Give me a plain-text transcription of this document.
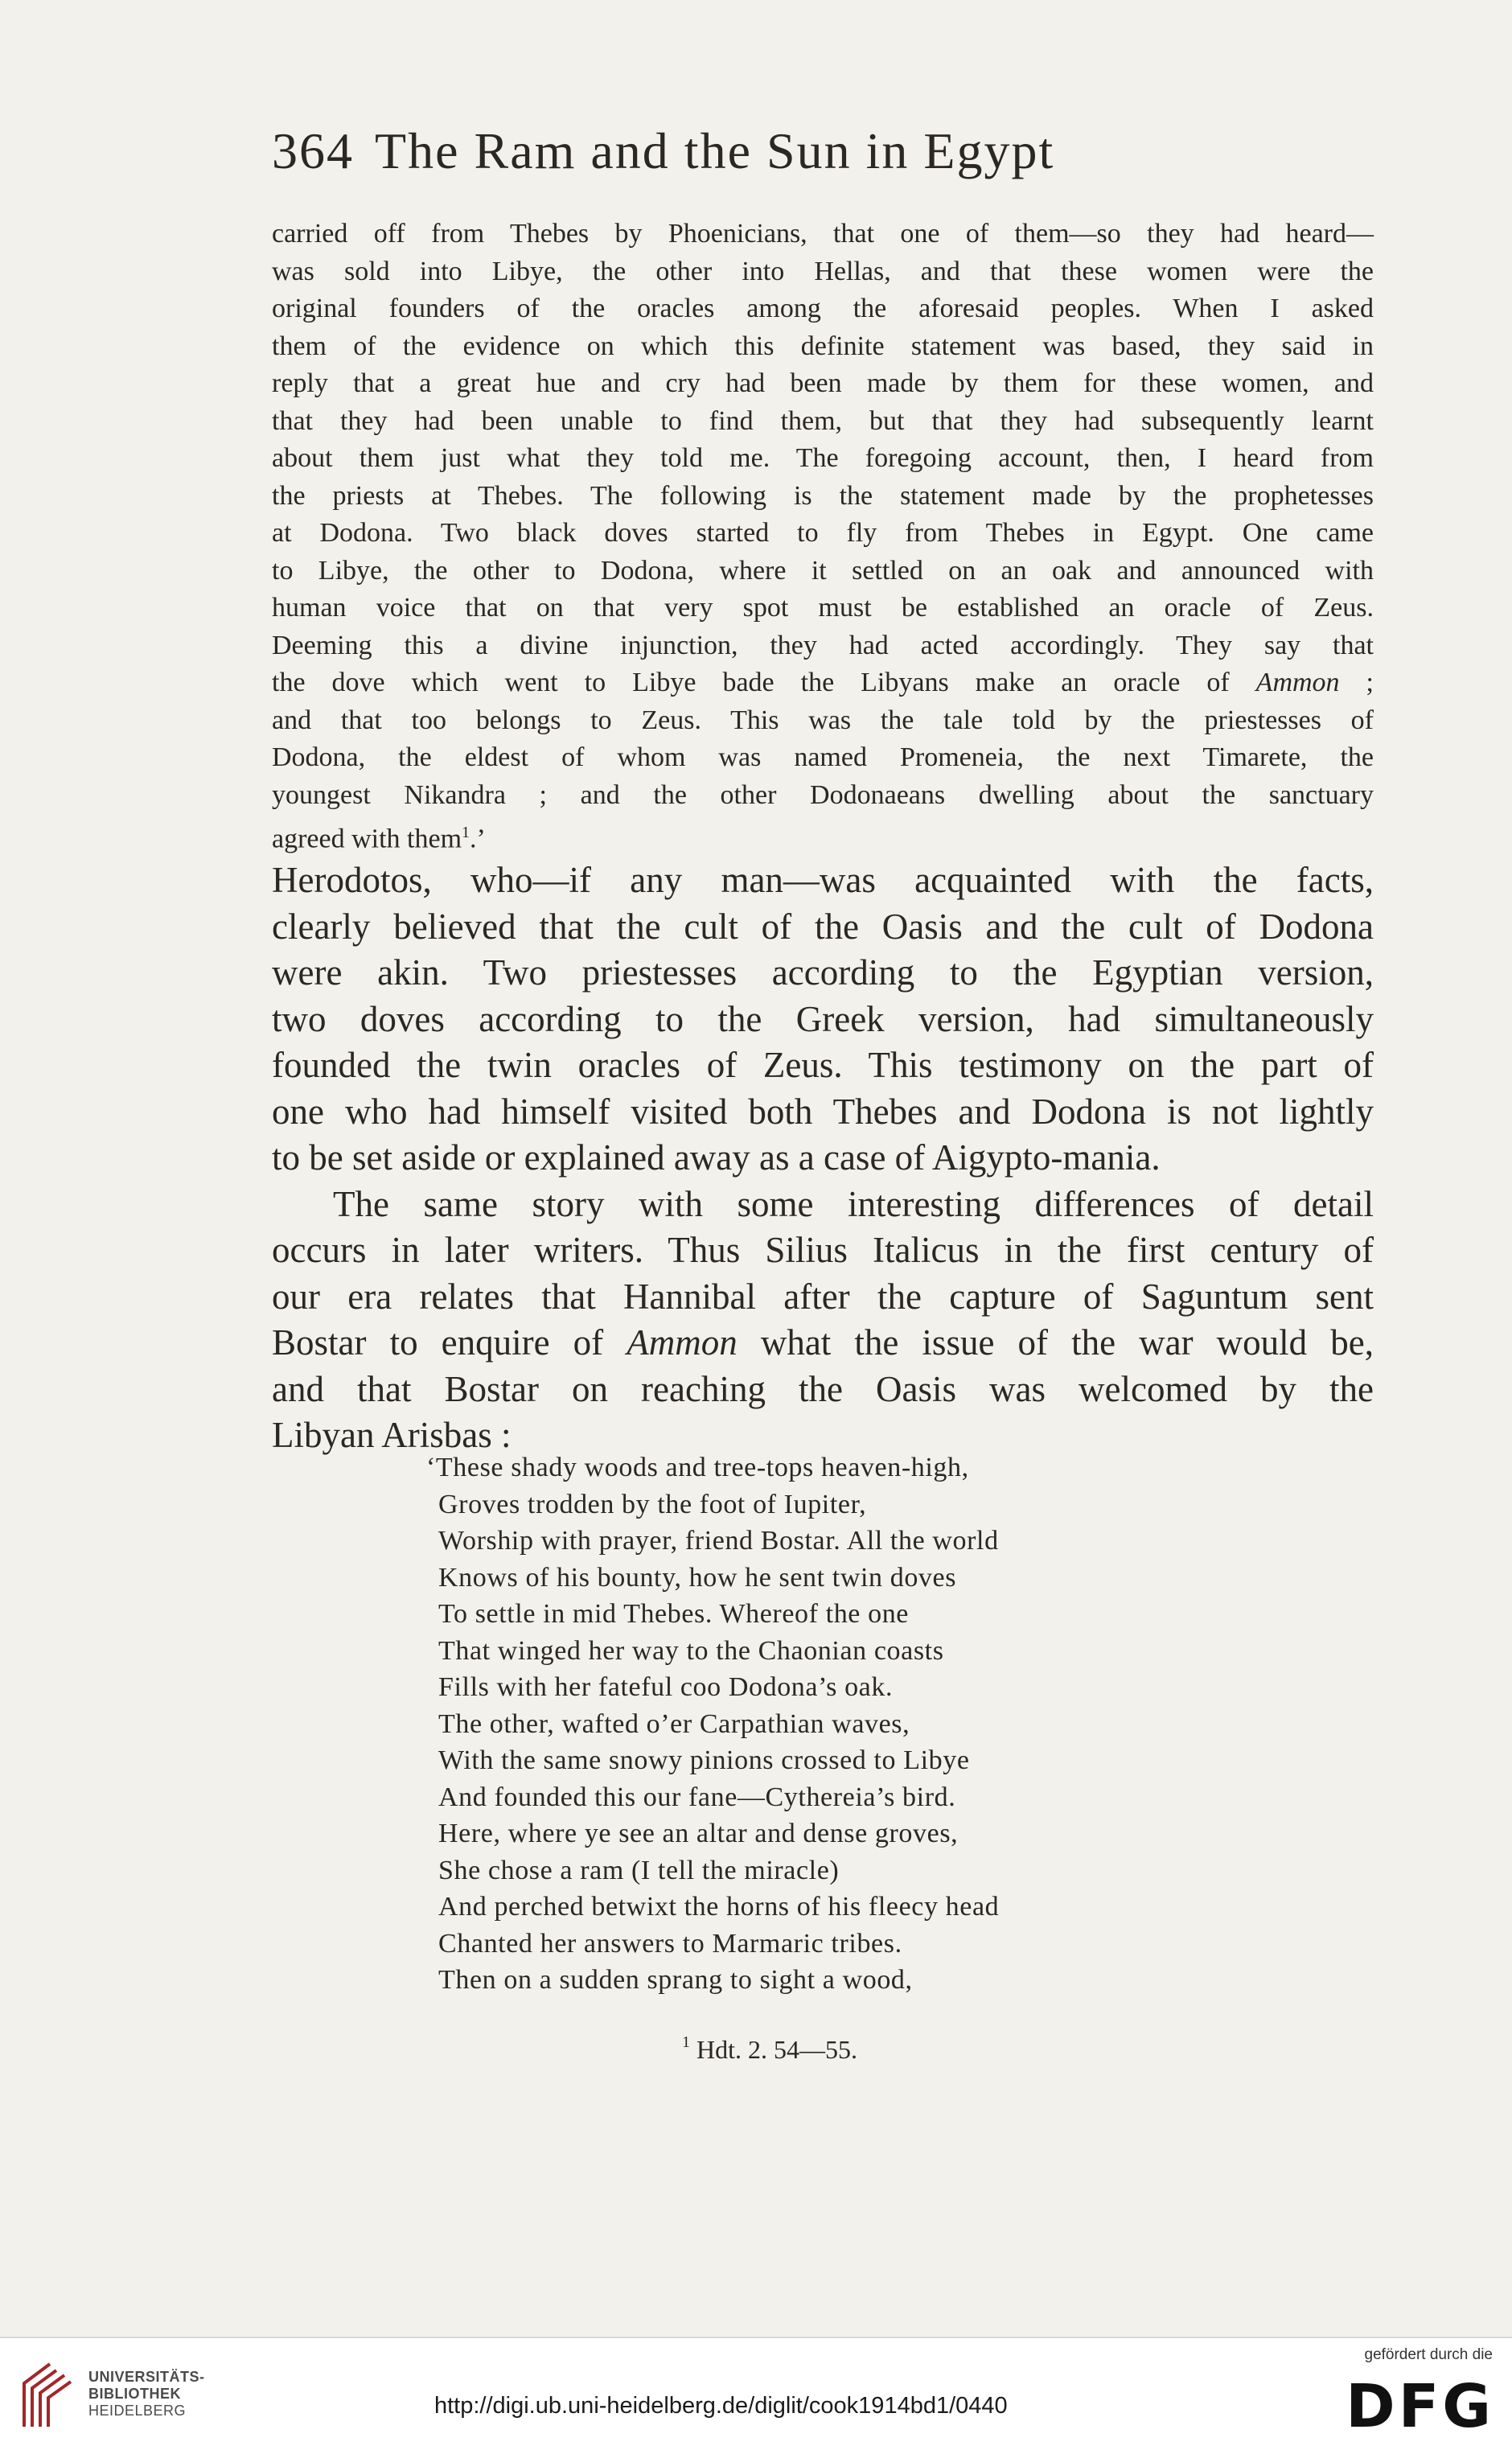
364 The Ram and the Sun in Egypt
carried off from Thebes by Phoenicians, that one of them—so they had heard—
was sold into Libye, the other into Hellas, and that these women were the
original founders of the oracles among the aforesaid peoples. When I asked
them of the evidence on which this definite statement was based, they said in
reply that a great hue and cry had been made by them for these women, and
that they had been unable to find them, but that they had subsequently learnt
about them just what they told me. The foregoing account, then, I heard from
the priests at Thebes. The following is the statement made by the prophetesses
at Dodona. Two black doves started to fly from Thebes in Egypt. One came
to Libye, the other to Dodona, where it settled on an oak and announced with
human voice that on that very spot must be established an oracle of Zeus.
Deeming this a divine injunction, they had acted accordingly. They say that
the dove which went to Libye bade the Libyans make an oracle of Ammon ;
and that too belongs to Zeus. This was the tale told by the priestesses of
Dodona, the eldest of whom was named Promeneia, the next Timarete, the
youngest Nikandra ; and the other Dodonaeans dwelling about the sanctuary
agreed with them$^1$.’
Herodotos, who—if any man—was acquainted with the facts,
clearly believed that the cult of the Oasis and the cult of Dodona
were akin. Two priestesses according to the Egyptian version,
two doves according to the Greek version, had simultaneously
founded the twin oracles of Zeus. This testimony on the part of
one who had himself visited both Thebes and Dodona is not lightly
to be set aside or explained away as a case of Aigypto-mania.
The same story with some interesting differences of detail
occurs in later writers. Thus Silius Italicus in the first century of
our era relates that Hannibal after the capture of Saguntum sent
Bostar to enquire of Ammon what the issue of the war would be,
and that Bostar on reaching the Oasis was welcomed by the
Libyan Arisbas :
‘These shady woods and tree-tops heaven-high,
Groves trodden by the foot of Iupiter,
Worship with prayer, friend Bostar. All the world
Knows of his bounty, how he sent twin doves
To settle in mid Thebes. Whereof the one
That winged her way to the Chaonian coasts
Fills with her fateful coo Dodona’s oak.
The other, wafted o’er Carpathian waves,
With the same snowy pinions crossed to Libye
And founded this our fane—Cythereia’s bird.
Here, where ye see an altar and dense groves,
She chose a ram (I tell the miracle)
And perched betwixt the horns of his fleecy head
Chanted her answers to Marmaric tribes.
Then on a sudden sprang to sight a wood,
$^1$ Hdt. 2. 54—55.
UNIVERSITÄTS-
BIBLIOTHEK
HEIDELBERG	http://digi.ub.uni-heidelberg.de/diglit/cook1914bd1/0440
gefördert durch die
DFG
